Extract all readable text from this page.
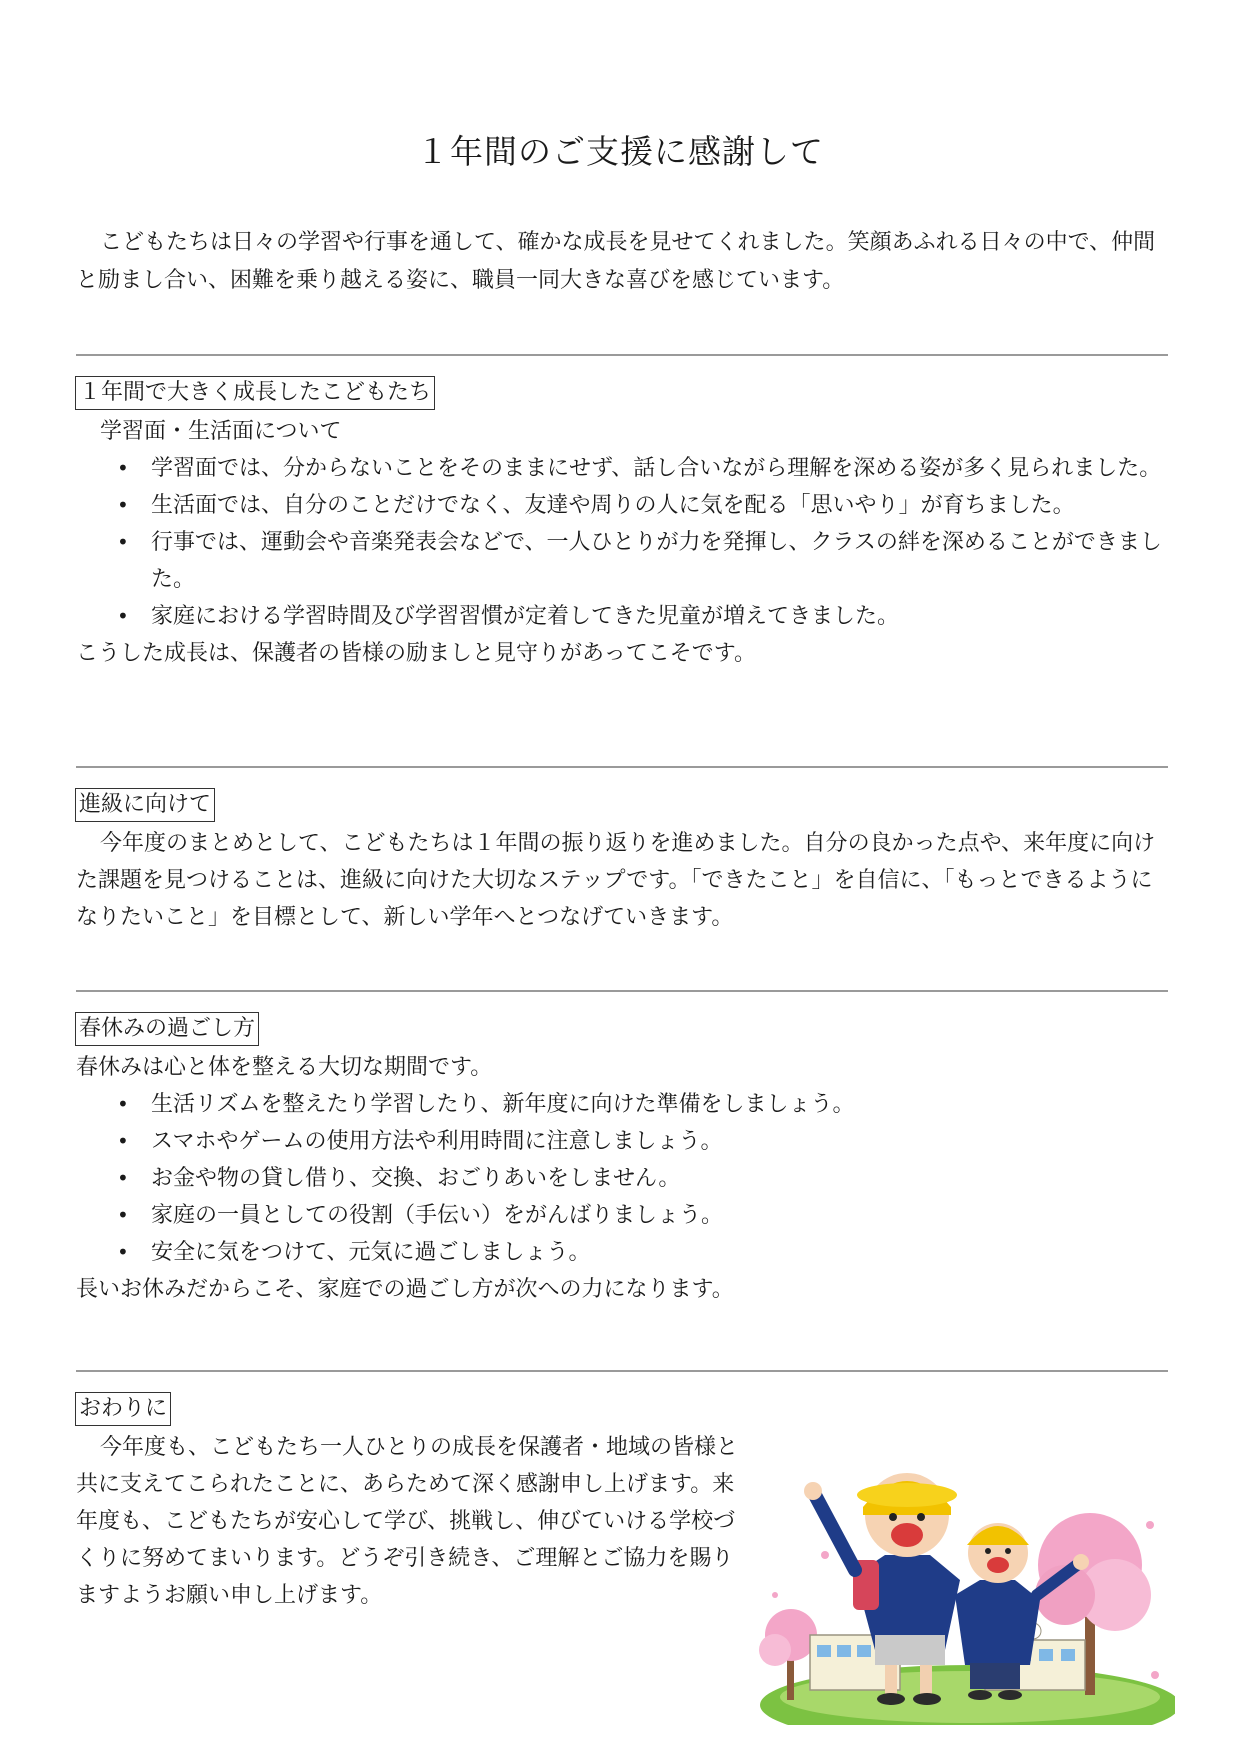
１年間のご支援に感謝して

こどもたちは日々の学習や行事を通して、確かな成長を見せてくれました。笑顔あふれる日々の中で、仲間と励まし合い、困難を乗り越える姿に、職員一同大きな喜びを感じています。

１年間で大きく成長したこどもたち

学習面・生活面について

• 学習面では、分からないことをそのままにせず、話し合いながら理解を深める姿が多く見られました。
• 生活面では、自分のことだけでなく、友達や周りの人に気を配る「思いやり」が育ちました。
• 行事では、運動会や音楽発表会などで、一人ひとりが力を発揮し、クラスの絆を深めることができました。
• 家庭における学習時間及び学習習慣が定着してきた児童が増えてきました。

こうした成長は、保護者の皆様の励ましと見守りがあってこそです。

進級に向けて

今年度のまとめとして、こどもたちは１年間の振り返りを進めました。自分の良かった点や、来年度に向けた課題を見つけることは、進級に向けた大切なステップです。「できたこと」を自信に、「もっとできるようになりたいこと」を目標として、新しい学年へとつなげていきます。

春休みの過ごし方

春休みは心と体を整える大切な期間です。

• 生活リズムを整えたり学習したり、新年度に向けた準備をしましょう。
• スマホやゲームの使用方法や利用時間に注意しましょう。
• お金や物の貸し借り、交換、おごりあいをしません。
• 家庭の一員としての役割（手伝い）をがんばりましょう。
• 安全に気をつけて、元気に過ごしましょう。

長いお休みだからこそ、家庭での過ごし方が次への力になります。

おわりに

今年度も、こどもたち一人ひとりの成長を保護者・地域の皆様と共に支えてこられたことに、あらためて深く感謝申し上げます。来年度も、こどもたちが安心して学び、挑戦し、伸びていける学校づくりに努めてまいります。どうぞ引き続き、ご理解とご協力を賜りますようお願い申し上げます。
